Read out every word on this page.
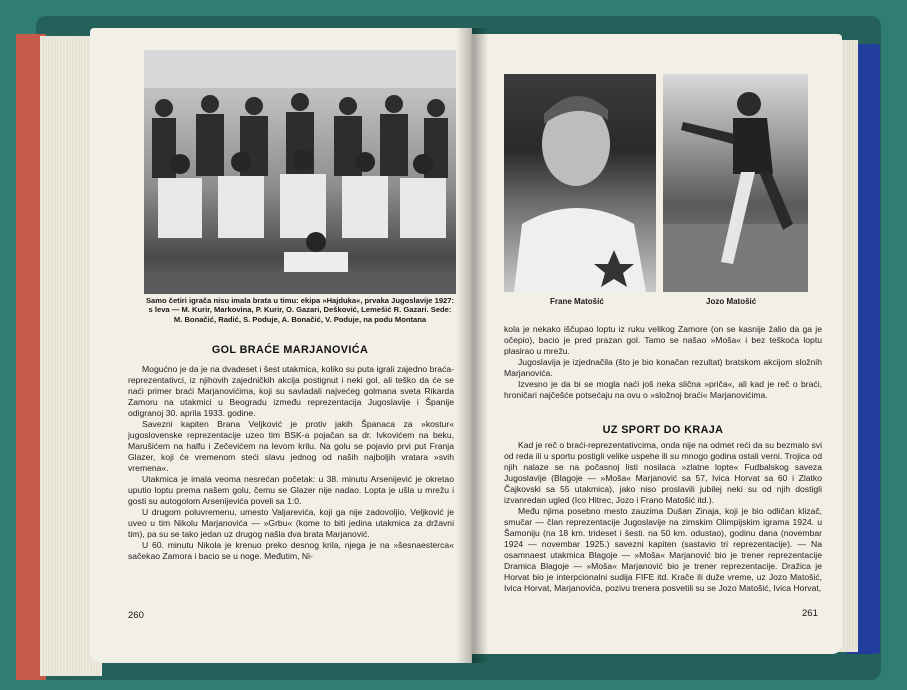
Samo četiri igrača nisu imala brata u timu: ekipa »Hajduka«, prvaka Jugoslavije 1927: s leva — M. Kurir, Markovina, P. Kurir, O. Gazari, Dešković, Lemešić R. Gazari. Sede: M. Bonačić, Radić, S. Poduje, A. Bonačić, V. Poduje, na podu Montana
GOL BRAĆE MARJANOVIĆA

Mogućno je da je na dvadeset i šest utakmica, koliko su puta igrali zajedno braća-reprezentativci, iz njihovih zajedničkih akcija postignut i neki gol, ali teško da će se naći primer braći Marjanovićima, koji su savladali najvećeg golmana sveta Rikarda Zamoru na utakmici u Beogradu između reprezentacija Jugoslavije i Španije odigranoj 30. aprila 1933. godine.

Savezni kapiten Brana Veljković je protiv jakih Španaca za »kostur« jugoslovenske reprezentacije uzeo tim BSK-a pojačan sa dr. Ivkovićem na beku, Marušićem na halfu i Zečevićem na levom krilu. Na golu se pojavio prvi put Franja Glazer, koji će vremenom steći slavu jednog od naših najboljih vratara »svih vremena«.

Utakmica je imala veoma nesrećan početak: u 38. minutu Arsenijević je okretao uputio loptu prema našem golu, čemu se Glazer nije nadao. Lopta je ušla u mrežu i gosti su autogolom Arsenijevića poveli sa 1:0.

U drugom poluvremenu, umesto Valjarevića, koji ga nije zadovoljio, Veljković je uveo u tim Nikolu Marjanovića — »Grbu« (kome to biti jedina utakmica za državni tim), pa su se tako jedan uz drugog našla dva brata Marjanović.

U 60. minutu Nikola je krenuo preko desnog krila, njega je na »šesnaesterca« sačekao Zamora i bacio se u noge. Međutim, Ni-

260
Frane Matošić	Jozo Matošić

kola je nekako iščupao loptu iz ruku velikog Zamore (on se kasnije žalio da ga je očepio), bacio je pred prazan gol. Tamo se našao »Moša« i bez teškoća loptu plasirao u mrežu.

Jugoslavija je izjednačila (što je bio konačan rezultat) bratskom akcijom složnih Marjanovića.

Izvesno je da bi se mogla naći još neka slična »priča«, ali kad je reč o braći, hroničari najčešće potsećaju na ovu o »složnoj braći« Marjanovićima.

UZ SPORT DO KRAJA

Kad je reč o braći-reprezentativcima, onda nije na odmet reći da su bezmalo svi od reda ili u sportu postigli velike uspehe ili su mnogo godina ostali verni. Trojica od njih nalaze se na počasnoj listi nosilaca »zlatne lopte« Fudbalskog saveza Jugoslavije (Blagoje — »Moša« Marjanović sa 57, Ivica Horvat sa 60 i Zlatko Čajkovski sa 55 utakmica), jako niso proslavili jubilej neki su od njih dostigli izvanredan ugled (Ico Hitrec, Jozo i Frano Matošić itd.).

Među njima posebno mesto zauzima Dušan Zinaja, koji je bio odličan klizač, smučar — član reprezentacije Jugoslavije na zimskim Olimpijskim igrama 1924. u Šamoniju (na 18 km. trideset i šesti. na 50 km. odustao), godinu dana (novembar 1924 — novembar 1925.) savezni kapiten (sastavio tri reprezentacije). — Na osamnaest utakmica Blagoje — »Moša« Marjanović bio je trener reprezentacije Dramica Blagoje — »Moša« Marjanović bio je trener reprezentacije. Dražica je Horvat bio je interpcionalni sudija FIFE itd. Krače ili duže vreme, uz Jozo Matošić, Ivica Horvat, Marjanovića, pozivu trenera posvetili su se Jozo Matošić, Ivica Horvat,

261
